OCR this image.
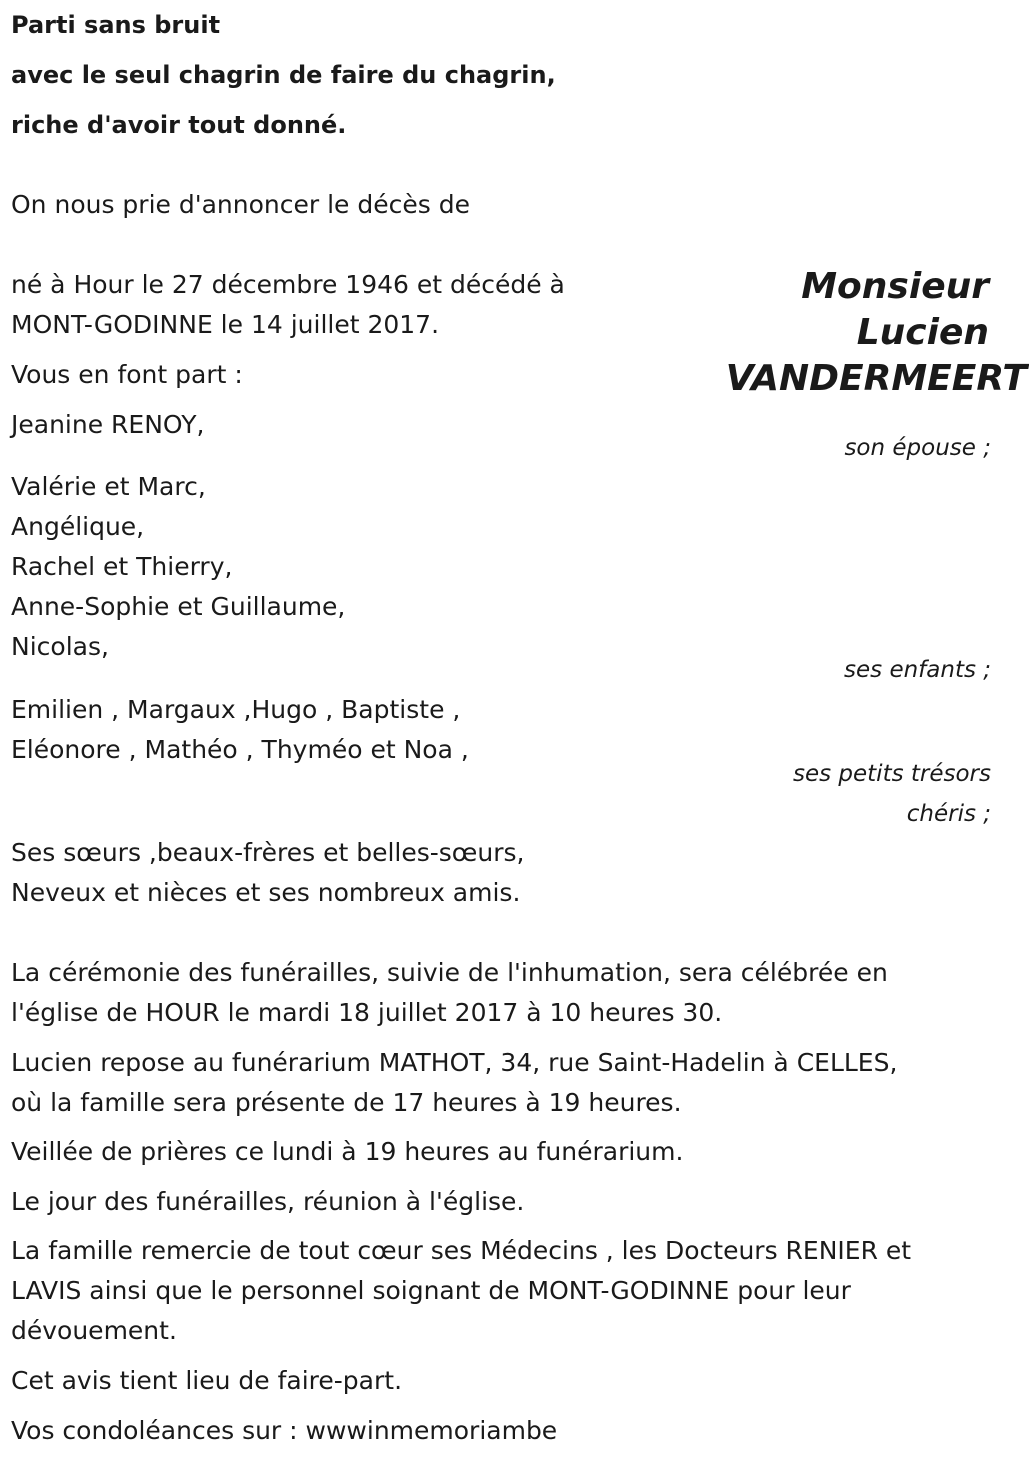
Parti sans bruit
avec le seul chagrin de faire du chagrin,
riche d'avoir tout donné.
On nous prie d'annoncer le décès de
Monsieur
Lucien
VANDERMEERT
né à Hour le 27 décembre 1946 et décédé à
MONT-GODINNE le 14 juillet 2017.
Vous en font part :
Jeanine RENOY,
son épouse ;
Valérie et Marc,
Angélique,
Rachel et Thierry,
Anne-Sophie et Guillaume,
Nicolas,
ses enfants ;
Emilien , Margaux ,Hugo , Baptiste ,
Eléonore , Mathéo , Thyméo et Noa ,
ses petits trésors
chéris ;
Ses sœurs ,beaux-frères et belles-sœurs,
Neveux et nièces et ses nombreux amis.
La cérémonie des funérailles, suivie de l'inhumation, sera célébrée en
l'église de HOUR le mardi 18 juillet 2017 à 10 heures 30.
Lucien repose au funérarium MATHOT, 34, rue Saint-Hadelin à CELLES,
où la famille sera présente de 17 heures à 19 heures.
Veillée de prières ce lundi à 19 heures au funérarium.
Le jour des funérailles, réunion à l'église.
La famille remercie de tout cœur ses Médecins , les Docteurs RENIER et
LAVIS ainsi que le personnel soignant de MONT-GODINNE pour leur
dévouement.
Cet avis tient lieu de faire-part.
Vos condoléances sur : wwwinmemoriambe
